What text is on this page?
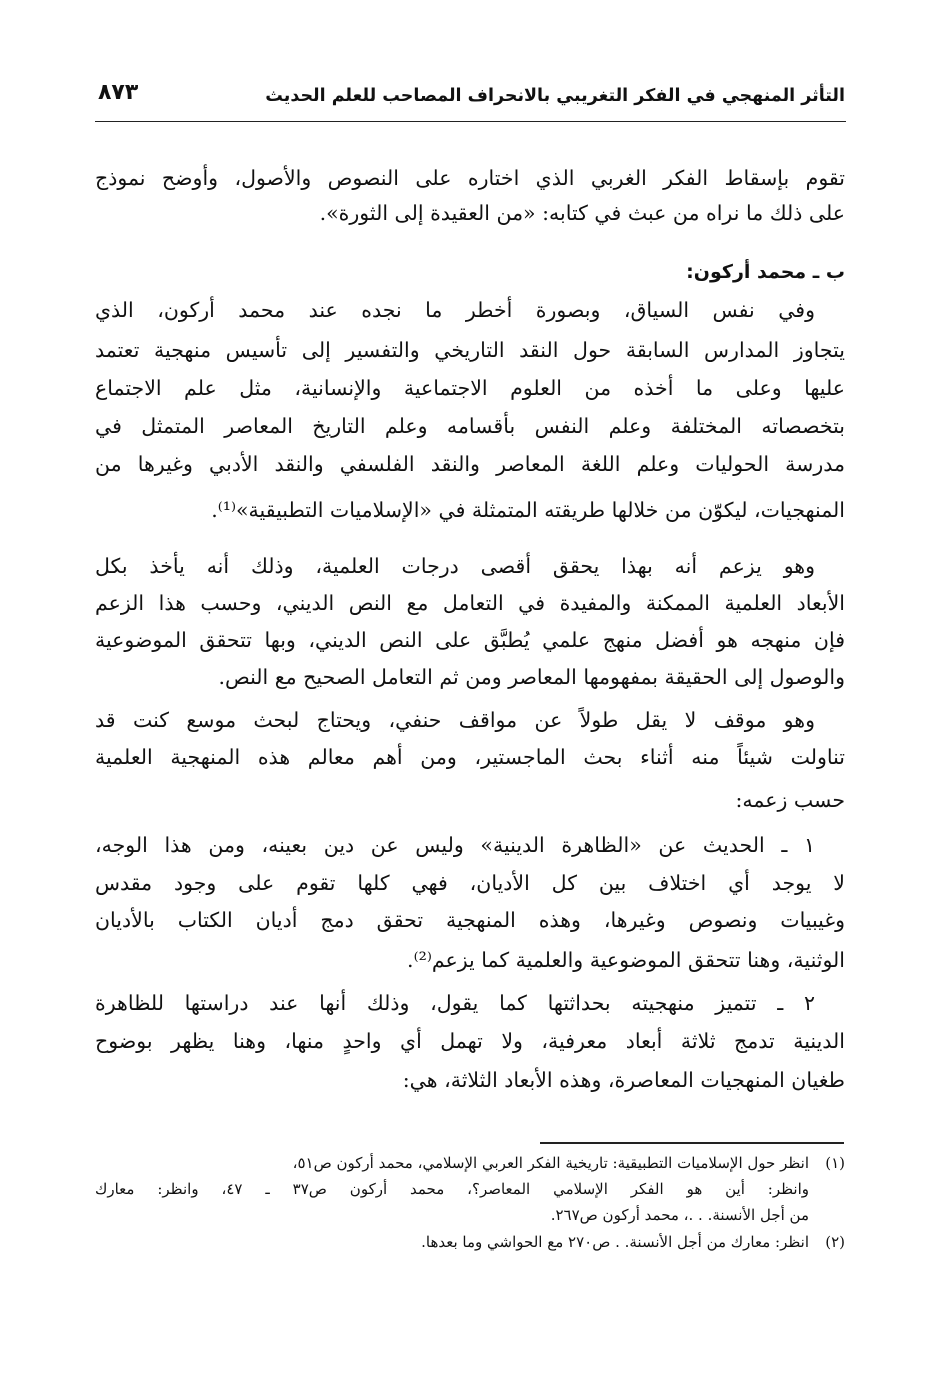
٨٧٣	التأثر المنهجي في الفكر التغريبي بالانحراف المصاحب للعلم الحديث
تقوم بإسقاط الفكر الغربي الذي اختاره على النصوص والأصول، وأوضح نموذج
على ذلك ما نراه من عبث في كتابه: «من العقيدة إلى الثورة».
ب ـ محمد أركون:
وفي نفس السياق، وبصورة أخطر ما نجده عند محمد أركون، الذي
يتجاوز المدارس السابقة حول النقد التاريخي والتفسير إلى تأسيس منهجية تعتمد
عليها وعلى ما أخذه من العلوم الاجتماعية والإنسانية، مثل علم الاجتماع
بتخصصاته المختلفة وعلم النفس بأقسامه وعلم التاريخ المعاصر المتمثل في
مدرسة الحوليات وعلم اللغة المعاصر والنقد الفلسفي والنقد الأدبي وغيرها من
المنهجيات، ليكوّن من خلالها طريقته المتمثلة في «الإسلاميات التطبيقية»⁽¹⁾.
وهو يزعم أنه بهذا يحقق أقصى درجات العلمية، وذلك أنه يأخذ بكل
الأبعاد العلمية الممكنة والمفيدة في التعامل مع النص الديني، وحسب هذا الزعم
فإن منهجه هو أفضل منهج علمي يُطبَّق على النص الديني، وبها تتحقق الموضوعية
والوصول إلى الحقيقة بمفهومها المعاصر ومن ثم التعامل الصحيح مع النص.
وهو موقف لا يقل طولاً عن مواقف حنفي، ويحتاج لبحث موسع كنت قد
تناولت شيئاً منه أثناء بحث الماجستير، ومن أهم معالم هذه المنهجية العلمية
حسب زعمه:
١ ـ الحديث عن «الظاهرة الدينية» وليس عن دين بعينه، ومن هذا الوجه،
لا يوجد أي اختلاف بين كل الأديان، فهي كلها تقوم على وجود مقدس
وغيبيات ونصوص وغيرها، وهذه المنهجية تحقق دمج أديان الكتاب بالأديان
الوثنية، وهنا تتحقق الموضوعية والعلمية كما يزعم⁽²⁾.
٢ ـ تتميز منهجيته بحداثتها كما يقول، وذلك أنها عند دراستها للظاهرة
الدينية تدمج ثلاثة أبعاد معرفية، ولا تهمل أي واحدٍ منها، وهنا يظهر بوضوح
طغيان المنهجيات المعاصرة، وهذه الأبعاد الثلاثة، هي:
(١)انظر حول الإسلاميات التطبيقية: تاريخية الفكر العربي الإسلامي، محمد أركون ص٥١،
وانظر: أين هو الفكر الإسلامي المعاصر؟، محمد أركون ص٣٧ ـ ٤٧، وانظر: معارك
من أجل الأنسنة. . .، محمد أركون ص٢٦٧.
(٢)انظر: معارك من أجل الأنسنة. . ص٢٧٠ مع الحواشي وما بعدها.
